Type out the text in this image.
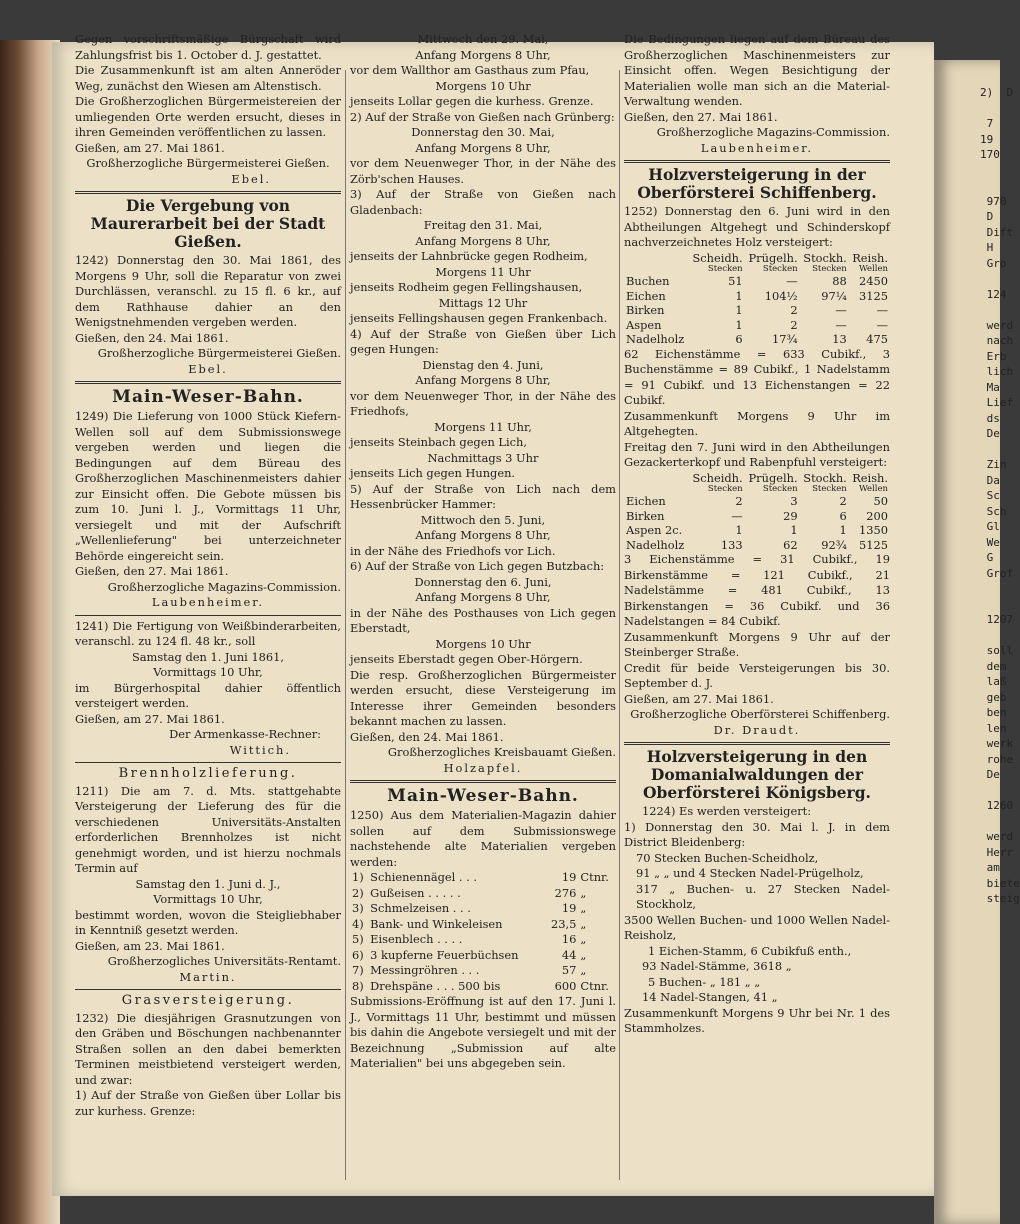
2)  D

7
19
170

970
D
Dift
H
Gro

124

werd
nach
Erb
lich
Ma
Lief
ds
De

Zin
Da
Sc
Sch
Gl
We
G
Grof

1207

soll
dem
laß
geb
ben
len
werk
rohe
De

1260

werd
Herr
am
biete
steig

Gegen vorschriftsmäßige Bürgschaft wird Zahlungsfrist bis 1. October d. J. gestattet.

Die Zusammenkunft ist am alten Anneröder Weg, zunächst den Wiesen am Altenstisch.

Die Großherzoglichen Bürgermeistereien der umliegenden Orte werden ersucht, dieses in ihren Gemeinden veröffentlichen zu lassen.

Gießen, am 27. Mai 1861.

Großherzogliche Bürgermeisterei Gießen.

Ebel.

Die Vergebung von Maurerarbeit bei der Stadt Gießen.

1242) Donnerstag den 30. Mai 1861, des Morgens 9 Uhr, soll die Reparatur von zwei Durchlässen, veranschl. zu 15 fl. 6 kr., auf dem Rathhause dahier an den Wenigstnehmenden vergeben werden.

Gießen, den 24. Mai 1861.

Großherzogliche Bürgermeisterei Gießen.

Ebel.

Main-Weser-Bahn.

1249) Die Lieferung von 1000 Stück Kiefern-Wellen soll auf dem Submissionswege vergeben werden und liegen die Bedingungen auf dem Büreau des Großherzoglichen Maschinenmeisters dahier zur Einsicht offen. Die Gebote müssen bis zum 10. Juni l. J., Vormittags 11 Uhr, versiegelt und mit der Aufschrift „Wellenlieferung" bei unterzeichneter Behörde eingereicht sein.

Gießen, den 27. Mai 1861.

Großherzogliche Magazins-Commission.

Laubenheimer.

1241) Die Fertigung von Weißbinderarbeiten, veranschl. zu 124 fl. 48 kr., soll

Samstag den 1. Juni 1861,

Vormittags 10 Uhr,

im Bürgerhospital dahier öffentlich versteigert werden.

Gießen, am 27. Mai 1861.

Der Armenkasse-Rechner:

Wittich.

Brennholzlieferung.

1211) Die am 7. d. Mts. stattgehabte Versteigerung der Lieferung des für die verschiedenen Universitäts-Anstalten erforderlichen Brennholzes ist nicht genehmigt worden, und ist hierzu nochmals Termin auf

Samstag den 1. Juni d. J.,

Vormittags 10 Uhr,

bestimmt worden, wovon die Steigliebhaber in Kenntniß gesetzt werden.

Gießen, am 23. Mai 1861.

Großherzogliches Universitäts-Rentamt.

Martin.

Grasversteigerung.

1232) Die diesjährigen Grasnutzungen von den Gräben und Böschungen nachbenannter Straßen sollen an den dabei bemerkten Terminen meistbietend versteigert werden, und zwar:

1) Auf der Straße von Gießen über Lollar bis zur kurhess. Grenze:

Mittwoch den 29. Mai,

Anfang Morgens 8 Uhr,

vor dem Wallthor am Gasthaus zum Pfau,

Morgens 10 Uhr

jenseits Lollar gegen die kurhess. Grenze.

2) Auf der Straße von Gießen nach Grünberg:

Donnerstag den 30. Mai,

Anfang Morgens 8 Uhr,

vor dem Neuenweger Thor, in der Nähe des Zörb'schen Hauses.

3) Auf der Straße von Gießen nach Gladenbach:

Freitag den 31. Mai,

Anfang Morgens 8 Uhr,

jenseits der Lahnbrücke gegen Rodheim,

Morgens 11 Uhr

jenseits Rodheim gegen Fellingshausen,

Mittags 12 Uhr

jenseits Fellingshausen gegen Frankenbach.

4) Auf der Straße von Gießen über Lich gegen Hungen:

Dienstag den 4. Juni,

Anfang Morgens 8 Uhr,

vor dem Neuenweger Thor, in der Nähe des Friedhofs,

Morgens 11 Uhr,

jenseits Steinbach gegen Lich,

Nachmittags 3 Uhr

jenseits Lich gegen Hungen.

5) Auf der Straße von Lich nach dem Hessenbrücker Hammer:

Mittwoch den 5. Juni,

Anfang Morgens 8 Uhr,

in der Nähe des Friedhofs vor Lich.

6) Auf der Straße von Lich gegen Butzbach:

Donnerstag den 6. Juni,

Anfang Morgens 8 Uhr,

in der Nähe des Posthauses von Lich gegen Eberstadt,

Morgens 10 Uhr

jenseits Eberstadt gegen Ober-Hörgern.

Die resp. Großherzoglichen Bürgermeister werden ersucht, diese Versteigerung im Interesse ihrer Gemeinden besonders bekannt machen zu lassen.

Gießen, den 24. Mai 1861.

Großherzogliches Kreisbauamt Gießen.

Holzapfel.

Main-Weser-Bahn.

1250) Aus dem Materialien-Magazin dahier sollen auf dem Submissionswege nachstehende alte Materialien vergeben werden:

1)	Schienennägel . . .	19	Ctnr.
2)	Gußeisen . . . . .	276	„
3)	Schmelzeisen . . .	19	„
4)	Bank- und Winkeleisen	23,5	„
5)	Eisenblech . . . .	16	„
6)	3 kupferne Feuerbüchsen	44	„
7)	Messingröhren . . .	57	„
8)	Drehspäne . . . 500 bis	600	Ctnr.

Submissions-Eröffnung ist auf den 17. Juni l. J., Vormittags 11 Uhr, bestimmt und müssen bis dahin die Angebote versiegelt und mit der Bezeichnung „Submission auf alte Materialien" bei uns abgegeben sein.

Die Bedingungen liegen auf dem Büreau des Großherzoglichen Maschinenmeisters zur Einsicht offen. Wegen Besichtigung der Materialien wolle man sich an die Material-Verwaltung wenden.

Gießen, den 27. Mai 1861.

Großherzogliche Magazins-Commission.

Laubenheimer.

Holzversteigerung in der Oberförsterei Schiffenberg.

1252) Donnerstag den 6. Juni wird in den Abtheilungen Altgehegt und Schinderskopf nachverzeichnetes Holz versteigert:

	Scheidh.	Prügelh.	Stockh.	Reish.
	Stecken	Stecken	Stecken	Wellen
Buchen	51	—	88	2450
Eichen	1	104½	97¼	3125
Birken	1	2	—	—
Aspen	1	2	—	—
Nadelholz	6	17¾	13	475

62 Eichenstämme = 633 Cubikf., 3 Buchenstämme = 89 Cubikf., 1 Nadelstamm = 91 Cubikf. und 13 Eichenstangen = 22 Cubikf.

Zusammenkunft Morgens 9 Uhr im Altgehegten.

Freitag den 7. Juni wird in den Abtheilungen Gezackerterkopf und Rabenpfuhl versteigert:

	Scheidh.	Prügelh.	Stockh.	Reish.
	Stecken	Stecken	Stecken	Wellen
Eichen	2	3	2	50
Birken	—	29	6	200
Aspen 2c.	1	1	1	1350
Nadelholz	133	62	92¾	5125

3 Eichenstämme = 31 Cubikf., 19 Birkenstämme = 121 Cubikf., 21 Nadelstämme = 481 Cubikf., 13 Birkenstangen = 36 Cubikf. und 36 Nadelstangen = 84 Cubikf.

Zusammenkunft Morgens 9 Uhr auf der Steinberger Straße.

Credit für beide Versteigerungen bis 30. September d. J.

Gießen, am 27. Mai 1861.

Großherzogliche Oberförsterei Schiffenberg.

Dr. Draudt.

Holzversteigerung in den Domanialwaldungen der Oberförsterei Königsberg.

1224) Es werden versteigert:

1) Donnerstag den 30. Mai l. J. in dem District Bleidenberg:

70 Stecken Buchen-Scheidholz,

91 „ „ und 4 Stecken Nadel-Prügelholz,

317 „ Buchen- u. 27 Stecken Nadel-Stockholz,

3500 Wellen Buchen- und 1000 Wellen Nadel-Reisholz,

1 Eichen-Stamm, 6 Cubikfuß enth.,

93 Nadel-Stämme, 3618 „

5 Buchen- „ 181 „ „

14 Nadel-Stangen, 41 „

Zusammenkunft Morgens 9 Uhr bei Nr. 1 des Stammholzes.
